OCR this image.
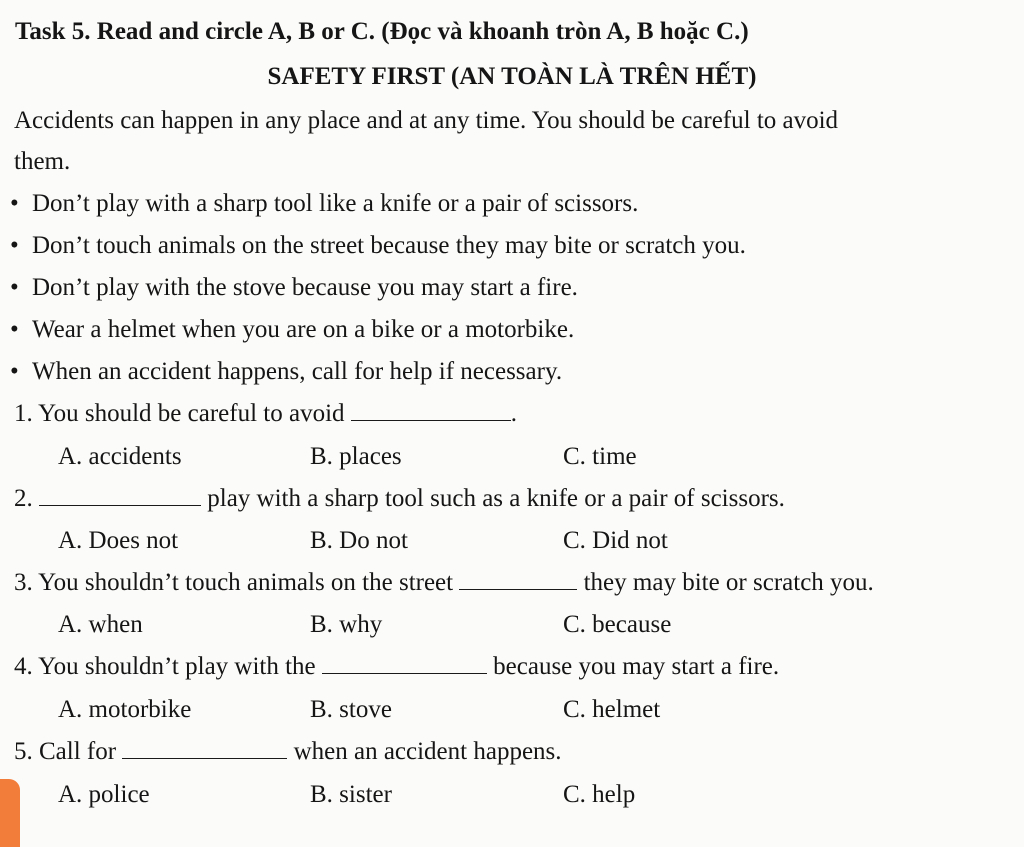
Task 5. Read and circle A, B or C. (Đọc và khoanh tròn A, B hoặc C.)
SAFETY FIRST (AN TOÀN LÀ TRÊN HẾT)
Accidents can happen in any place and at any time. You should be careful to avoid
them.
• Don’t play with a sharp tool like a knife or a pair of scissors.
• Don’t touch animals on the street because they may bite or scratch you.
• Don’t play with the stove because you may start a fire.
• Wear a helmet when you are on a bike or a motorbike.
• When an accident happens, call for help if necessary.
1. You should be careful to avoid	.
A. accidents	B. places	C. time
2.	play with a sharp tool such as a knife or a pair of scissors.
A. Does not	B. Do not	C. Did not
3. You shouldn’t touch animals on the street	they may bite or scratch you.
A. when	B. why	C. because
4. You shouldn’t play with the	because you may start a fire.
A. motorbike	B. stove	C. helmet
5. Call for	when an accident happens.
A. police	B. sister	C. help
